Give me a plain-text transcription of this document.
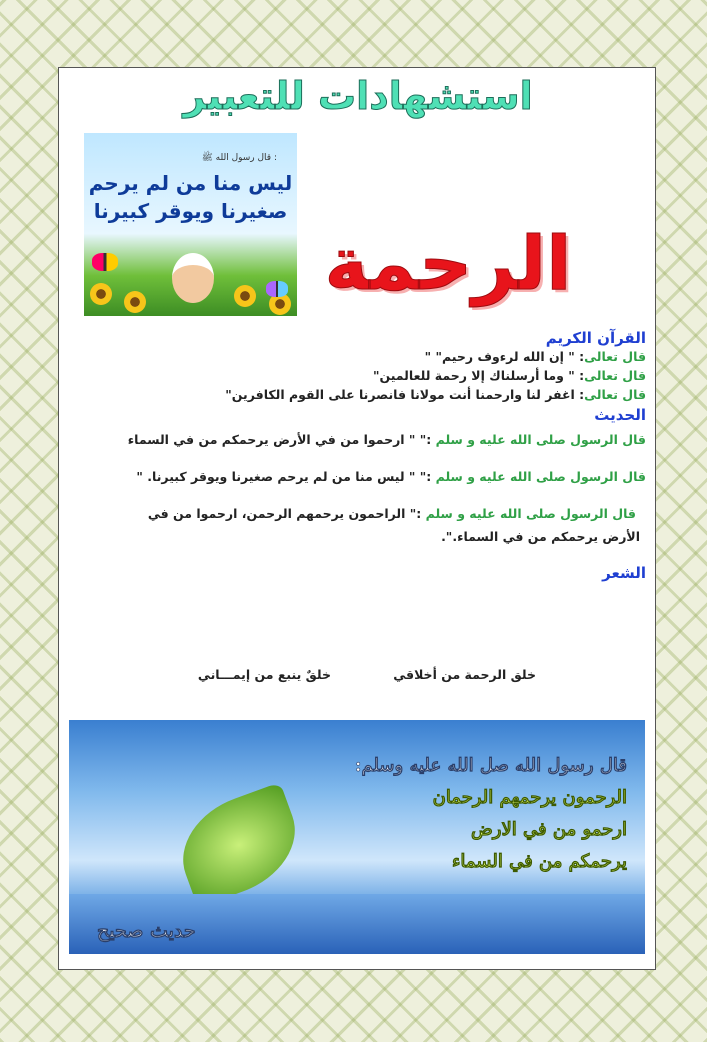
استشهادات للتعبير
قال رسول الله ﷺ :
ليس منا من لم يرحم
صغيرنا ويوقر كبيرنا
الرحمة
القرآن الكريم
قال تعالى: " إن الله لرءوف رحيم" "
قال تعالى: " وما أرسلناك إلا رحمة للعالمين"
قال تعالى: اغفر لنا وارحمنا أنت مولانا فانصرنا على القوم الكافرين"
الحديث
قال الرسول صلى الله عليه و سلم :" " ارحموا من في الأرض يرحمكم من في السماء
قال الرسول صلى الله عليه و سلم :" " ليس منا من لم يرحم صغيرنا ويوقر كبيرنا. "
قال الرسول صلى الله عليه و سلم :" الراحمون يرحمهم الرحمن، ارحموا من في
الأرض يرحمكم من في السماء.".
الشعر
خلق الرحمة من أخلاقي
خلقٌ ينبع من إيمـــاني
قال رسول الله صل الله عليه وسلم:
الرحمون يرحمهم الرحمان
ارحمو من في الارض
يرحمكم من في السماء
حديث صحيح
